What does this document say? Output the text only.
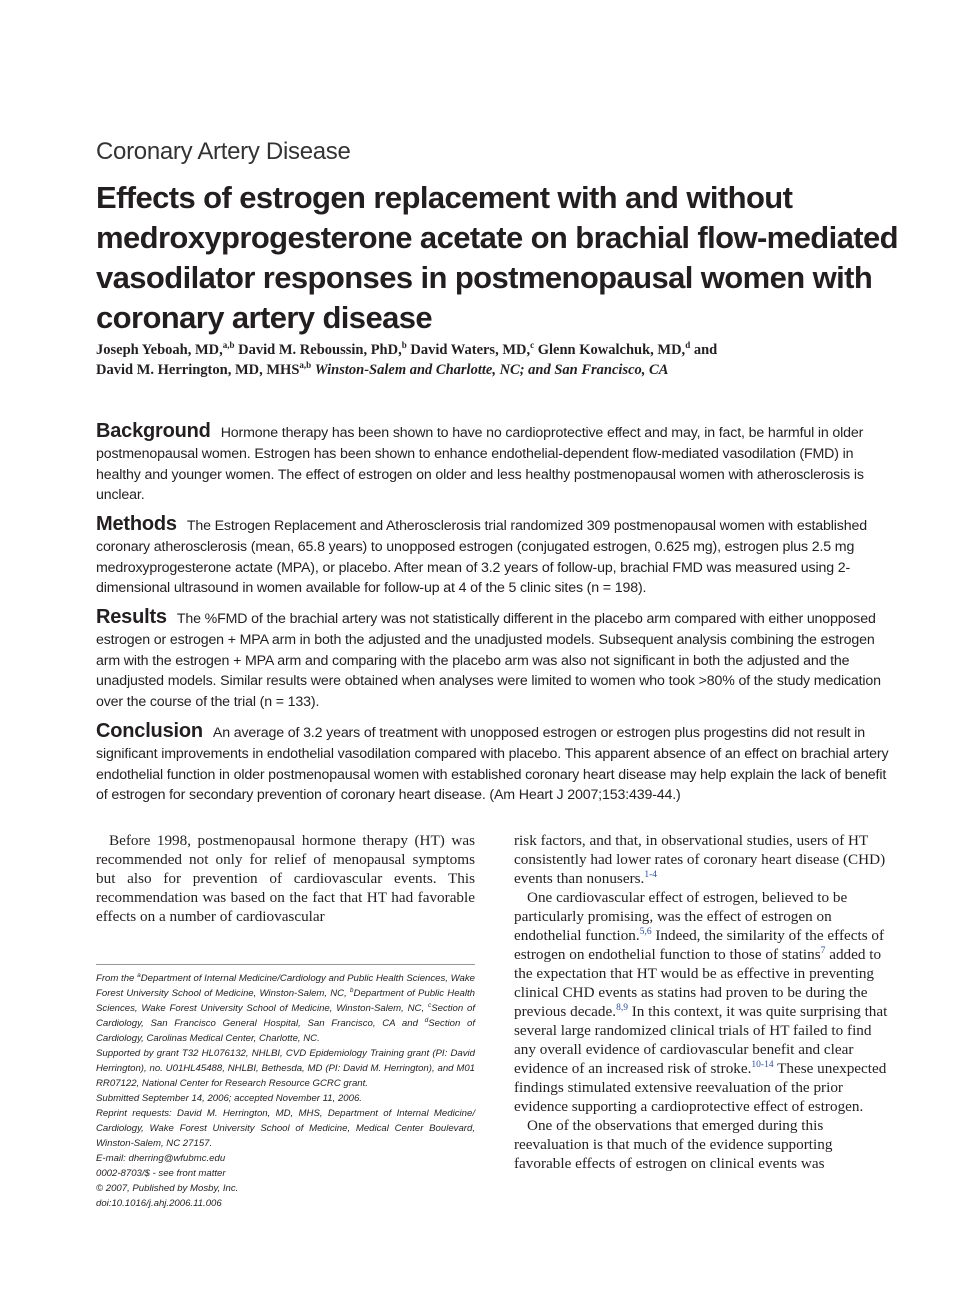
Coronary Artery Disease
Effects of estrogen replacement with and without medroxyprogesterone acetate on brachial flow-mediated vasodilator responses in postmenopausal women with coronary artery disease
Joseph Yeboah, MD,$^{a,b}$ David M. Reboussin, PhD,$^b$ David Waters, MD,$^c$ Glenn Kowalchuk, MD,$^d$ and
David M. Herrington, MD, MHS$^{a,b}$ Winston-Salem and Charlotte, NC; and San Francisco, CA
Background Hormone therapy has been shown to have no cardioprotective effect and may, in fact, be harmful in older postmenopausal women. Estrogen has been shown to enhance endothelial-dependent flow-mediated vasodilation (FMD) in healthy and younger women. The effect of estrogen on older and less healthy postmenopausal women with atherosclerosis is unclear.
Methods The Estrogen Replacement and Atherosclerosis trial randomized 309 postmenopausal women with established coronary atherosclerosis (mean, 65.8 years) to unopposed estrogen (conjugated estrogen, 0.625 mg), estrogen plus 2.5 mg medroxyprogesterone actate (MPA), or placebo. After mean of 3.2 years of follow-up, brachial FMD was measured using 2-dimensional ultrasound in women available for follow-up at 4 of the 5 clinic sites (n = 198).
Results The %FMD of the brachial artery was not statistically different in the placebo arm compared with either unopposed estrogen or estrogen + MPA arm in both the adjusted and the unadjusted models. Subsequent analysis combining the estrogen arm with the estrogen + MPA arm and comparing with the placebo arm was also not significant in both the adjusted and the unadjusted models. Similar results were obtained when analyses were limited to women who took >80% of the study medication over the course of the trial (n = 133).
Conclusion An average of 3.2 years of treatment with unopposed estrogen or estrogen plus progestins did not result in significant improvements in endothelial vasodilation compared with placebo. This apparent absence of an effect on brachial artery endothelial function in older postmenopausal women with established coronary heart disease may help explain the lack of benefit of estrogen for secondary prevention of coronary heart disease. (Am Heart J 2007;153:439-44.)

Before 1998, postmenopausal hormone therapy (HT) was recommended not only for relief of menopausal symptoms but also for prevention of cardiovascular events. This recommendation was based on the fact that HT had favorable effects on a number of cardiovascular

From the $^a$Department of Internal Medicine/Cardiology and Public Health Sciences, Wake Forest University School of Medicine, Winston-Salem, NC, $^b$Department of Public Health Sciences, Wake Forest University School of Medicine, Winston-Salem, NC, $^c$Section of Cardiology, San Francisco General Hospital, San Francisco, CA and $^d$Section of Cardiology, Carolinas Medical Center, Charlotte, NC.
Supported by grant T32 HL076132, NHLBI, CVD Epidemiology Training grant (PI: David Herrington), no. U01HL45488, NHLBI, Bethesda, MD (PI: David M. Herrington), and M01 RR07122, National Center for Research Resource GCRC grant.
Submitted September 14, 2006; accepted November 11, 2006.
Reprint requests: David M. Herrington, MD, MHS, Department of Internal Medicine/ Cardiology, Wake Forest University School of Medicine, Medical Center Boulevard, Winston-Salem, NC 27157.
E-mail: dherring@wfubmc.edu
0002-8703/$ - see front matter
© 2007, Published by Mosby, Inc.
doi:10.1016/j.ahj.2006.11.006

risk factors, and that, in observational studies, users of HT consistently had lower rates of coronary heart disease (CHD) events than nonusers.$^{1-4}$

One cardiovascular effect of estrogen, believed to be particularly promising, was the effect of estrogen on endothelial function.$^{5,6}$ Indeed, the similarity of the effects of estrogen on endothelial function to those of statins$^7$ added to the expectation that HT would be as effective in preventing clinical CHD events as statins had proven to be during the previous decade.$^{8,9}$ In this context, it was quite surprising that several large randomized clinical trials of HT failed to find any overall evidence of cardiovascular benefit and clear evidence of an increased risk of stroke.$^{10-14}$ These unexpected findings stimulated extensive reevaluation of the prior evidence supporting a cardioprotective effect of estrogen.

One of the observations that emerged during this reevaluation is that much of the evidence supporting favorable effects of estrogen on clinical events was
